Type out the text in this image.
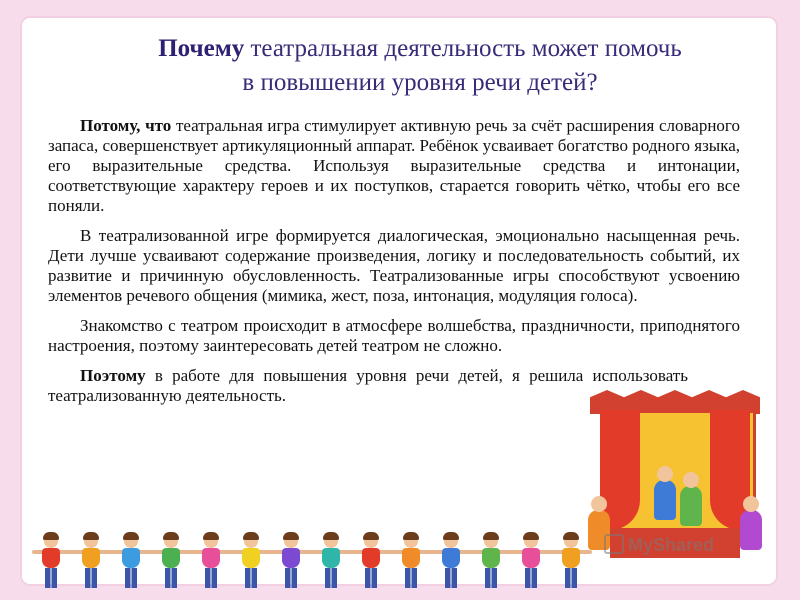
Почему театральная деятельность может помочь
в повышении уровня речи детей?

Потому, что театральная игра стимулирует активную речь за счёт расширения словарного запаса, совершенствует артикуляционный аппарат. Ребёнок усваивает богатство родного языка, его выразительные средства. Используя выразительные средства и интонации, соответствующие характеру героев и их поступков, старается говорить чётко, чтобы его все поняли.

В театрализованной игре формируется диалогическая, эмоционально насыщенная речь. Дети лучше усваивают содержание произведения, логику и последовательность событий, их развитие и причинную обусловленность. Театрализованные игры способствуют усвоению элементов речевого общения (мимика, жест, поза, интонация, модуляция голоса).

Знакомство с театром происходит в атмосфере волшебства, праздничности, приподнятого настроения, поэтому заинтересовать детей театром не сложно.

Поэтому в работе для повышения уровня речи детей, я решила использовать театрализованную деятельность.

MyShared
